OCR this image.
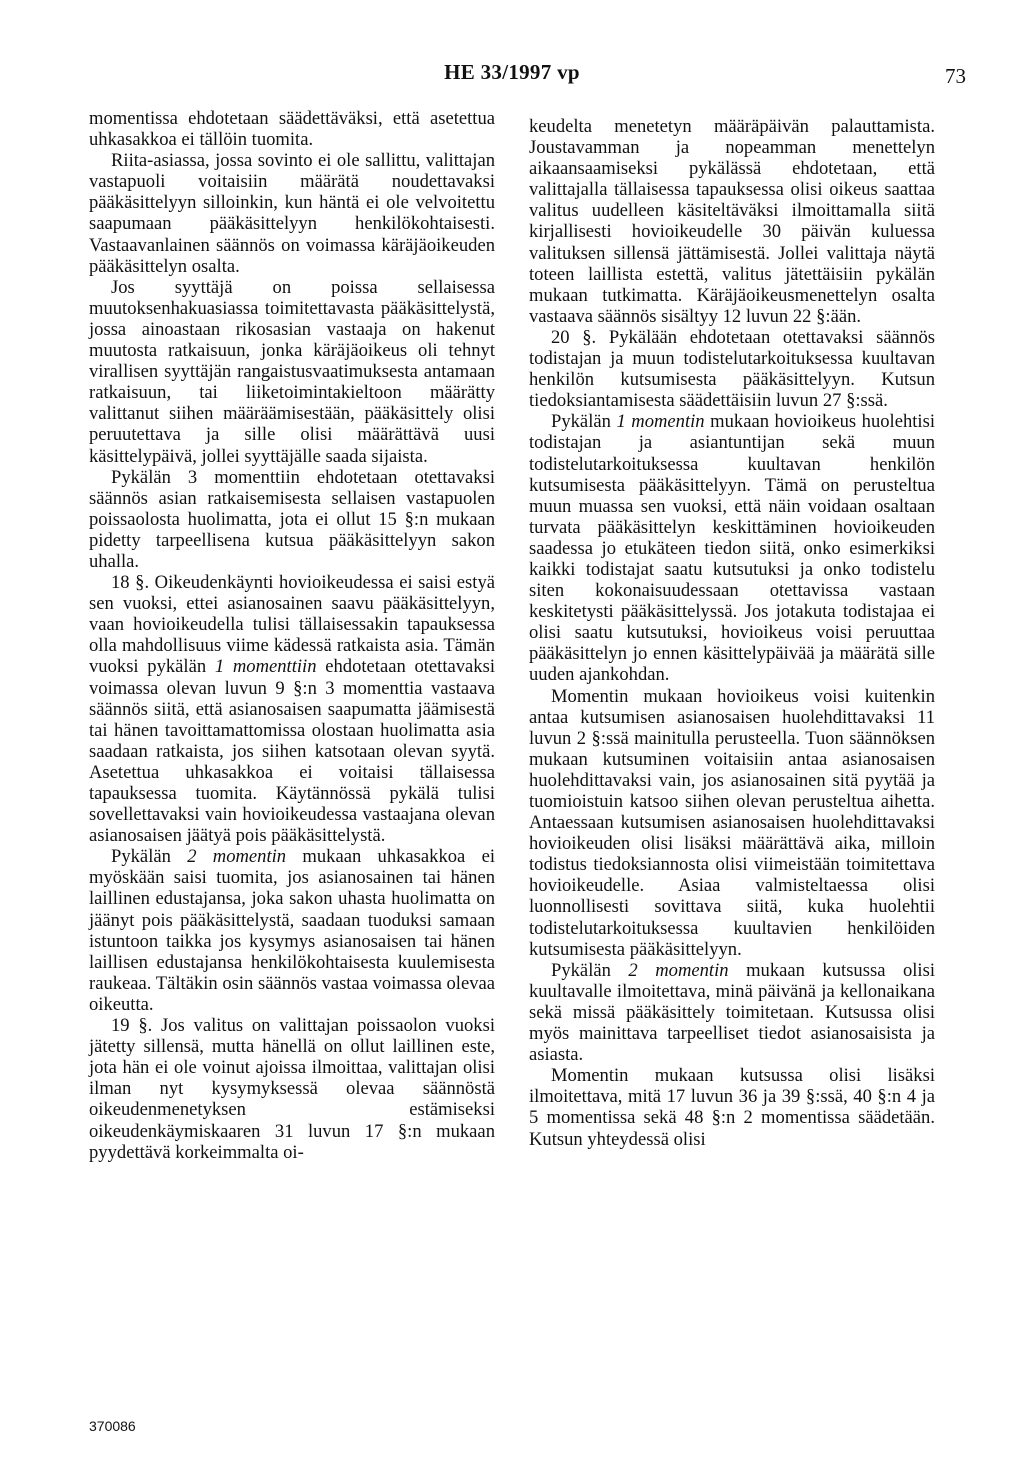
HE 33/1997 vp	73

momentissa ehdotetaan säädettäväksi, että asetettua uhkasakkoa ei tällöin tuomita.

Riita-asiassa, jossa sovinto ei ole sallittu, valittajan vastapuoli voitaisiin määrätä noudettavaksi pääkäsittelyyn silloinkin, kun häntä ei ole velvoitettu saapumaan pääkäsittelyyn henkilökohtaisesti. Vastaavanlainen säännös on voimassa käräjäoikeuden pääkäsittelyn osalta.

Jos syyttäjä on poissa sellaisessa muutoksenhakuasiassa toimitettavasta pääkäsittelystä, jossa ainoastaan rikosasian vastaaja on hakenut muutosta ratkaisuun, jonka käräjäoikeus oli tehnyt virallisen syyttäjän rangaistusvaatimuksesta antamaan ratkaisuun, tai liiketoimintakieltoon määrätty valittanut siihen määräämisestään, pääkäsittely olisi peruutettava ja sille olisi määrättävä uusi käsittelypäivä, jollei syyttäjälle saada sijaista.

Pykälän 3 momenttiin ehdotetaan otettavaksi säännös asian ratkaisemisesta sellaisen vastapuolen poissaolosta huolimatta, jota ei ollut 15 §:n mukaan pidetty tarpeellisena kutsua pääkäsittelyyn sakon uhalla.

18 §. Oikeudenkäynti hovioikeudessa ei saisi estyä sen vuoksi, ettei asianosainen saavu pääkäsittelyyn, vaan hovioikeudella tulisi tällaisessakin tapauksessa olla mahdollisuus viime kädessä ratkaista asia. Tämän vuoksi pykälän 1 momenttiin ehdotetaan otettavaksi voimassa olevan luvun 9 §:n 3 momenttia vastaava säännös siitä, että asianosaisen saapumatta jäämisestä tai hänen tavoittamattomissa olostaan huolimatta asia saadaan ratkaista, jos siihen katsotaan olevan syytä. Asetettua uhkasakkoa ei voitaisi tällaisessa tapauksessa tuomita. Käytännössä pykälä tulisi sovellettavaksi vain hovioikeudessa vastaajana olevan asianosaisen jäätyä pois pääkäsittelystä.

Pykälän 2 momentin mukaan uhkasakkoa ei myöskään saisi tuomita, jos asianosainen tai hänen laillinen edustajansa, joka sakon uhasta huolimatta on jäänyt pois pääkäsittelystä, saadaan tuoduksi samaan istuntoon taikka jos kysymys asianosaisen tai hänen laillisen edustajansa henkilökohtaisesta kuulemisesta raukeaa. Tältäkin osin säännös vastaa voimassa olevaa oikeutta.

19 §. Jos valitus on valittajan poissaolon vuoksi jätetty sillensä, mutta hänellä on ollut laillinen este, jota hän ei ole voinut ajoissa ilmoittaa, valittajan olisi ilman nyt kysymyksessä olevaa säännöstä oikeudenmenetyksen estämiseksi oikeudenkäymiskaaren 31 luvun 17 §:n mukaan pyydettävä korkeimmalta oi-

keudelta menetetyn määräpäivän palauttamista. Joustavamman ja nopeamman menettelyn aikaansaamiseksi pykälässä ehdotetaan, että valittajalla tällaisessa tapauksessa olisi oikeus saattaa valitus uudelleen käsiteltäväksi ilmoittamalla siitä kirjallisesti hovioikeudelle 30 päivän kuluessa valituksen sillensä jättämisestä. Jollei valittaja näytä toteen laillista estettä, valitus jätettäisiin pykälän mukaan tutkimatta. Käräjäoikeusmenettelyn osalta vastaava säännös sisältyy 12 luvun 22 §:ään.

20 §. Pykälään ehdotetaan otettavaksi säännös todistajan ja muun todistelutarkoituksessa kuultavan henkilön kutsumisesta pääkäsittelyyn. Kutsun tiedoksiantamisesta säädettäisiin luvun 27 §:ssä.

Pykälän 1 momentin mukaan hovioikeus huolehtisi todistajan ja asiantuntijan sekä muun todistelutarkoituksessa kuultavan henkilön kutsumisesta pääkäsittelyyn. Tämä on perusteltua muun muassa sen vuoksi, että näin voidaan osaltaan turvata pääkäsittelyn keskittäminen hovioikeuden saadessa jo etukäteen tiedon siitä, onko esimerkiksi kaikki todistajat saatu kutsutuksi ja onko todistelu siten kokonaisuudessaan otettavissa vastaan keskitetysti pääkäsittelyssä. Jos jotakuta todistajaa ei olisi saatu kutsutuksi, hovioikeus voisi peruuttaa pääkäsittelyn jo ennen käsittelypäivää ja määrätä sille uuden ajankohdan.

Momentin mukaan hovioikeus voisi kuitenkin antaa kutsumisen asianosaisen huolehdittavaksi 11 luvun 2 §:ssä mainitulla perusteella. Tuon säännöksen mukaan kutsuminen voitaisiin antaa asianosaisen huolehdittavaksi vain, jos asianosainen sitä pyytää ja tuomioistuin katsoo siihen olevan perusteltua aihetta. Antaessaan kutsumisen asianosaisen huolehdittavaksi hovioikeuden olisi lisäksi määrättävä aika, milloin todistus tiedoksiannosta olisi viimeistään toimitettava hovioikeudelle. Asiaa valmisteltaessa olisi luonnollisesti sovittava siitä, kuka huolehtii todistelutarkoituksessa kuultavien henkilöiden kutsumisesta pääkäsittelyyn.

Pykälän 2 momentin mukaan kutsussa olisi kuultavalle ilmoitettava, minä päivänä ja kellonaikana sekä missä pääkäsittely toimitetaan. Kutsussa olisi myös mainittava tarpeelliset tiedot asianosaisista ja asiasta.

Momentin mukaan kutsussa olisi lisäksi ilmoitettava, mitä 17 luvun 36 ja 39 §:ssä, 40 §:n 4 ja 5 momentissa sekä 48 §:n 2 momentissa säädetään. Kutsun yhteydessä olisi

370086
